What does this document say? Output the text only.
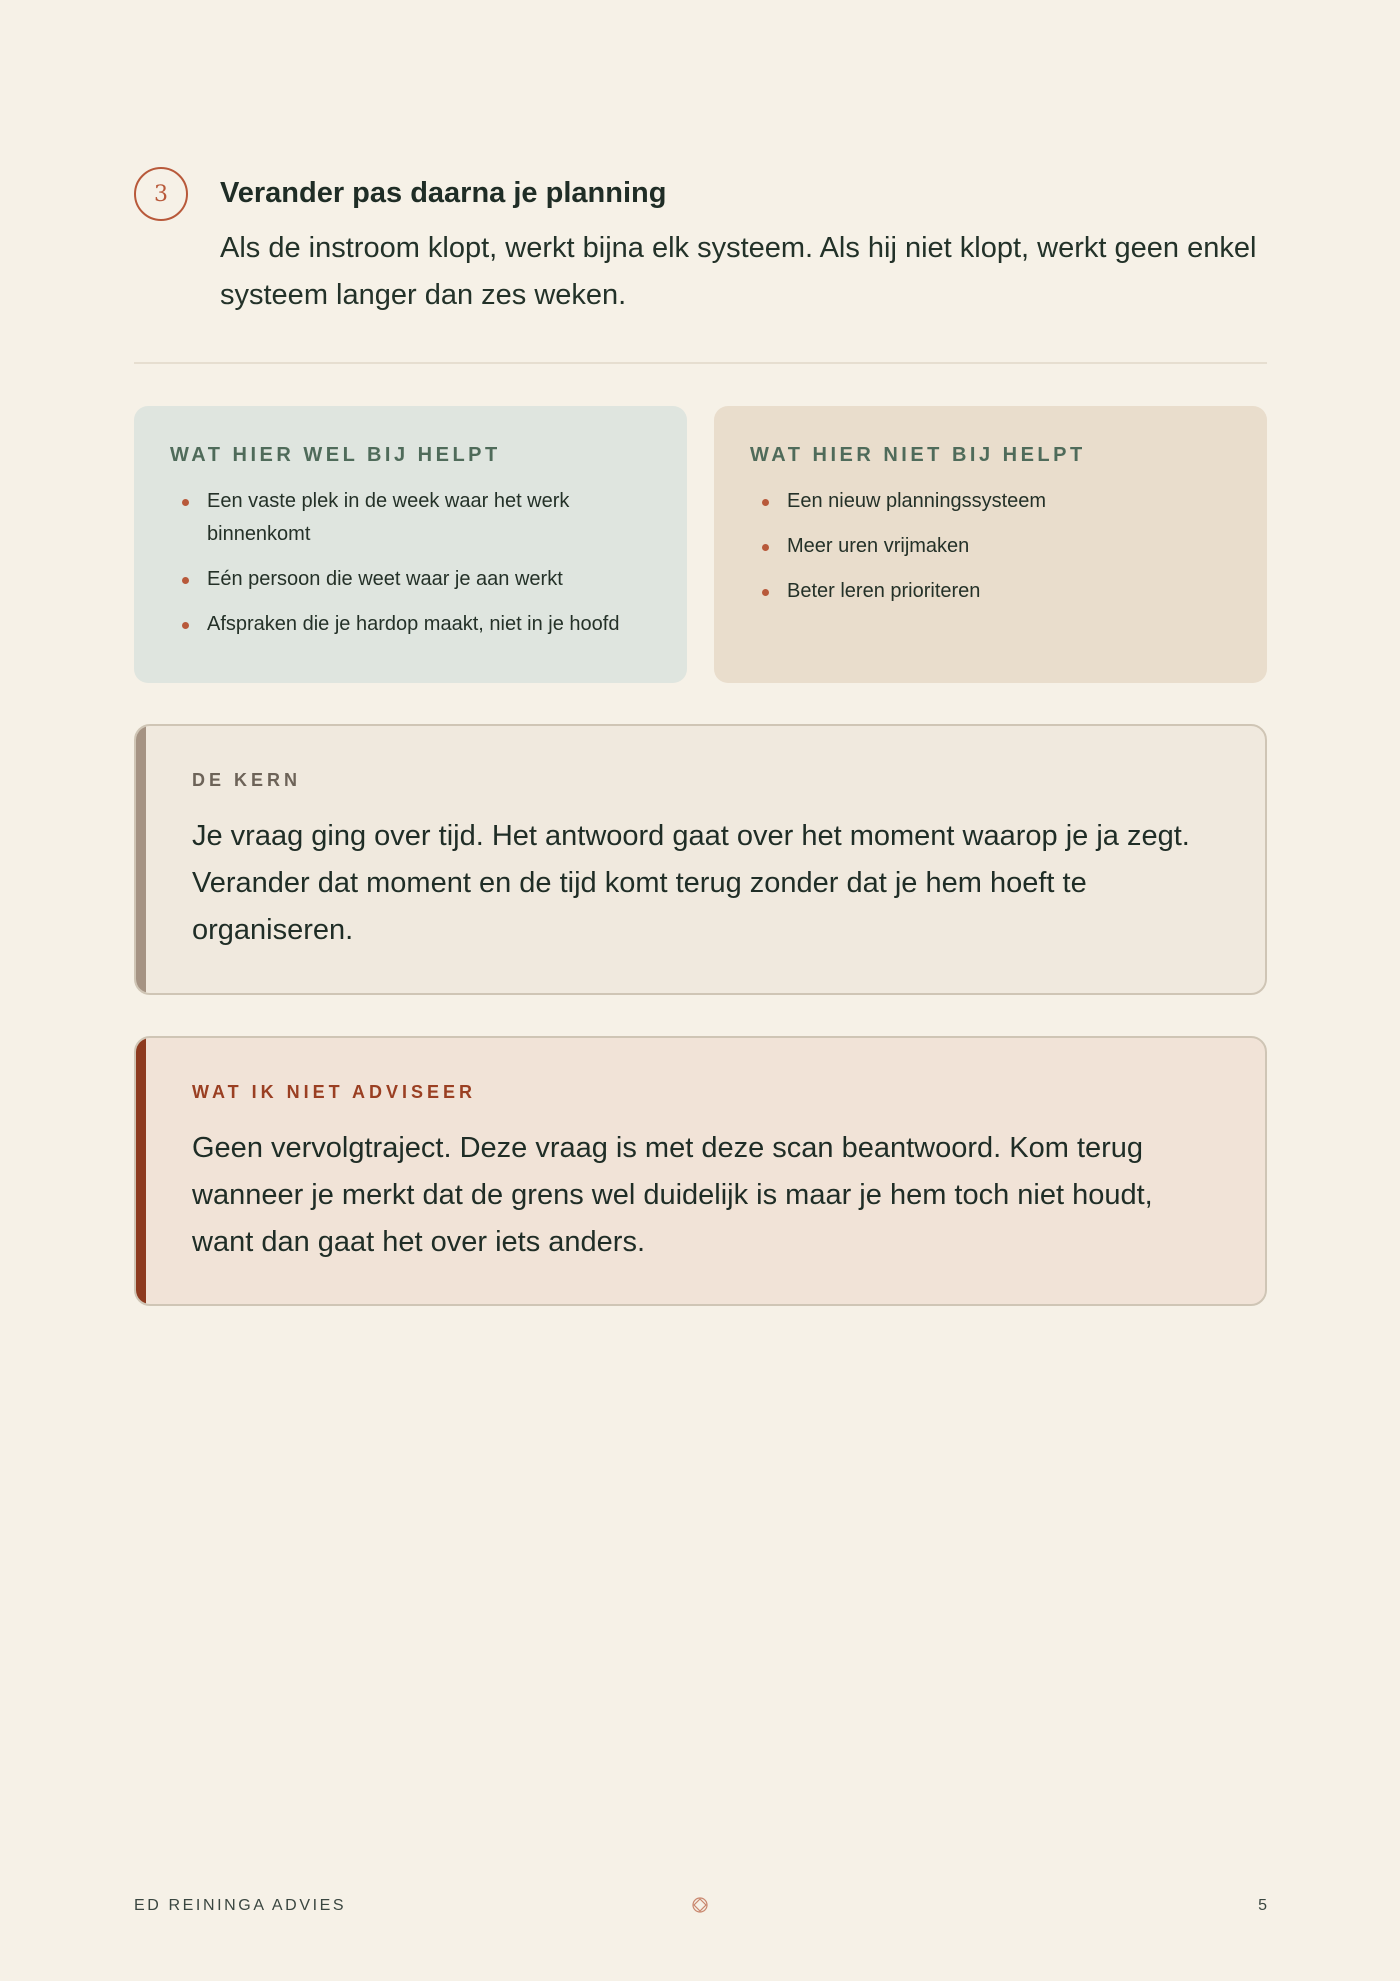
3	Verander pas daarna je planning

Als de instroom klopt, werkt bijna elk systeem. Als hij niet klopt, werkt geen enkel systeem langer dan zes weken.

WAT HIER WEL BIJ HELPT
Een vaste plek in de week waar het werk binnenkomt
Eén persoon die weet waar je aan werkt
Afspraken die je hardop maakt, niet in je hoofd
WAT HIER NIET BIJ HELPT
Een nieuw planningssysteem
Meer uren vrijmaken
Beter leren prioriteren
DE KERN

Je vraag ging over tijd. Het antwoord gaat over het moment waarop je ja zegt. Verander dat moment en de tijd komt terug zonder dat je hem hoeft te organiseren.

WAT IK NIET ADVISEER

Geen vervolgtraject. Deze vraag is met deze scan beantwoord. Kom terug wanneer je merkt dat de grens wel duidelijk is maar je hem toch niet houdt, want dan gaat het over iets anders.

ED REININGA ADVIES	5
